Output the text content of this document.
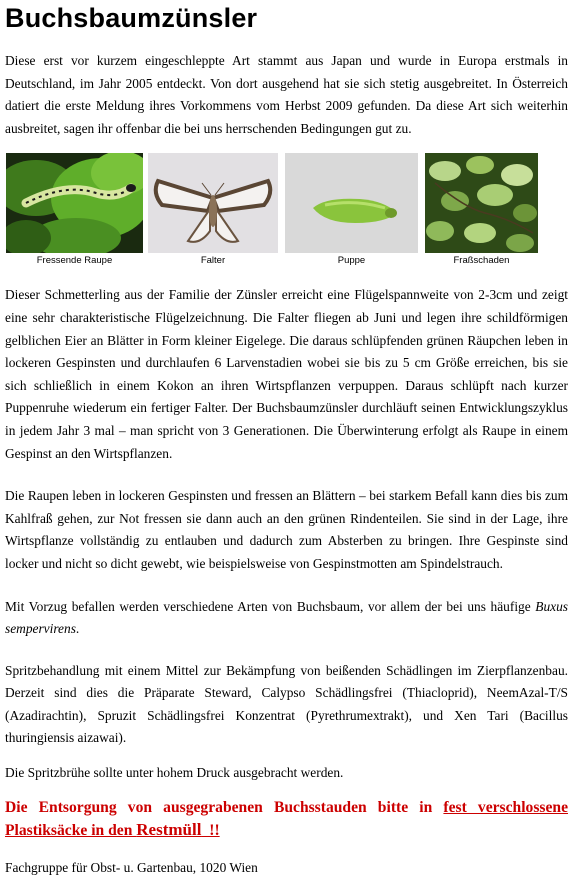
Buchsbaumzünsler

Diese erst vor kurzem eingeschleppte Art stammt aus Japan und wurde in Europa erstmals in Deutschland, im Jahr 2005 entdeckt. Von dort ausgehend hat sie sich stetig ausgebreitet. In Österreich datiert die erste Meldung ihres Vorkommens vom Herbst 2009 gefunden. Da diese Art sich weiterhin ausbreitet, sagen ihr offenbar die bei uns herrschenden Bedingungen gut zu.

Fressende Raupe	Falter	Puppe	Fraßschaden

Dieser Schmetterling aus der Familie der Zünsler erreicht eine Flügelspannweite von 2-3cm und zeigt eine sehr charakteristische Flügelzeichnung. Die Falter fliegen ab Juni und legen ihre schildförmigen gelblichen Eier an Blätter in Form kleiner Eigelege. Die daraus schlüpfenden grünen Räupchen leben in lockeren Gespinsten und durchlaufen 6 Larvenstadien wobei sie bis zu 5 cm Größe erreichen, bis sie sich schließlich in einem Kokon an ihren Wirtspflanzen verpuppen. Daraus schlüpft nach kurzer Puppenruhe wiederum ein fertiger Falter. Der Buchsbaumzünsler durchläuft seinen Entwicklungszyklus in jedem Jahr 3 mal – man spricht von 3 Generationen. Die Überwinterung erfolgt als Raupe in einem Gespinst an den Wirtspflanzen.

Die Raupen leben in lockeren Gespinsten und fressen an Blättern – bei starkem Befall kann dies bis zum Kahlfraß gehen, zur Not fressen sie dann auch an den grünen Rindenteilen. Sie sind in der Lage, ihre Wirtspflanze vollständig zu entlauben und dadurch zum Absterben zu bringen. Ihre Gespinste sind locker und nicht so dicht gewebt, wie beispielsweise von Gespinstmotten am Spindelstrauch.

Mit Vorzug befallen werden verschiedene Arten von Buchsbaum, vor allem der bei uns häufige Buxus sempervirens.

Spritzbehandlung mit einem Mittel zur Bekämpfung von beißenden Schädlingen im Zierpflanzenbau. Derzeit sind dies die Präparate Steward, Calypso Schädlingsfrei (Thiacloprid), NeemAzal-T/S (Azadirachtin), Spruzit Schädlingsfrei Konzentrat (Pyrethrumextrakt), und Xen Tari (Bacillus thuringiensis aizawai).

Die Spritzbrühe sollte unter hohem Druck ausgebracht werden.

Die Entsorgung von ausgegrabenen Buchsstauden bitte in fest verschlossene Plastiksäcke in den Restmüll  !!

Fachgruppe für Obst- u. Gartenbau, 1020 Wien
